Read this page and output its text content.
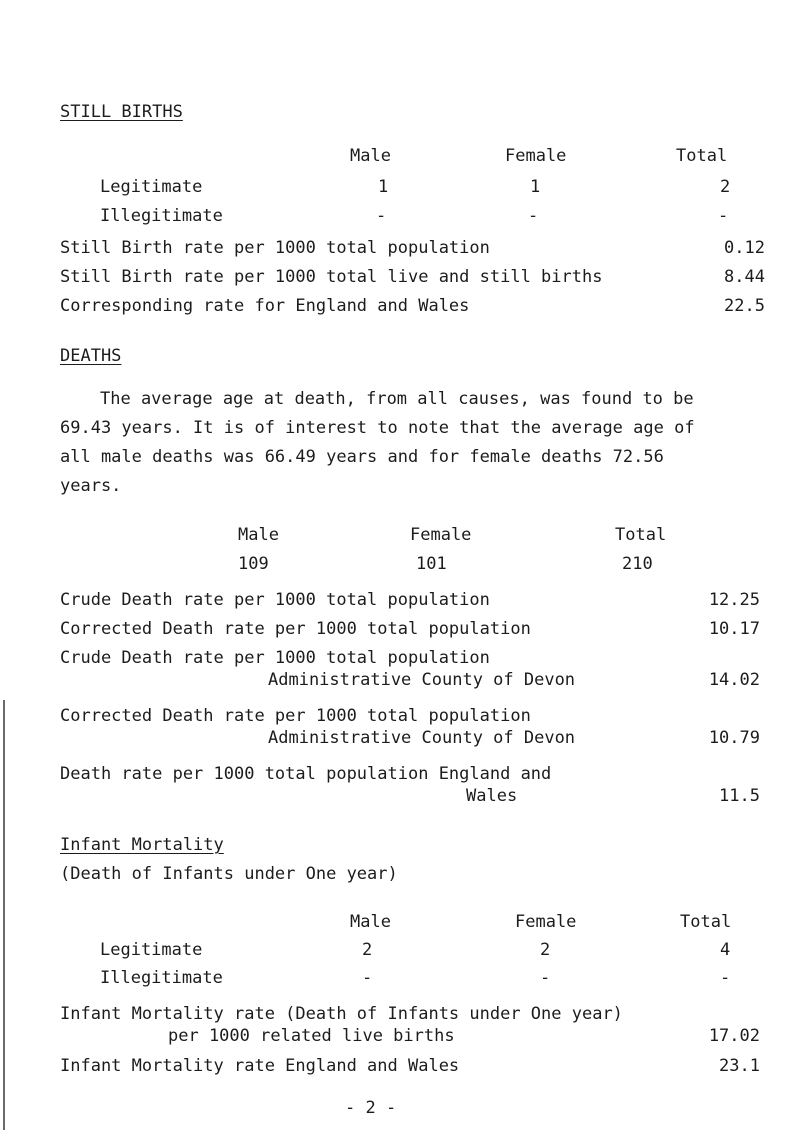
STILL BIRTHS
Male	Female	Total
Legitimate	1	1	2
Illegitimate	-	-	-
Still Birth rate per 1000 total population	0.12
Still Birth rate per 1000 total live and still births	8.44
Corresponding rate for England and Wales	22.5
DEATHS
The average age at death, from all causes, was found to be
69.43 years. It is of interest to note that the average age of
all male deaths was 66.49 years and for female deaths 72.56
years.
Male	Female	Total
109	101	210
Crude Death rate per 1000 total population	12.25
Corrected Death rate per 1000 total population	10.17
Crude Death rate per 1000 total population
Administrative County of Devon	14.02
Corrected Death rate per 1000 total population
Administrative County of Devon	10.79
Death rate per 1000 total population England and
Wales	11.5
Infant Mortality
(Death of Infants under One year)
Male	Female	Total
Legitimate	2	2	4
Illegitimate	-	-	-
Infant Mortality rate (Death of Infants under One year)
per 1000 related live births	17.02
Infant Mortality rate England and Wales	23.1
- 2 -
